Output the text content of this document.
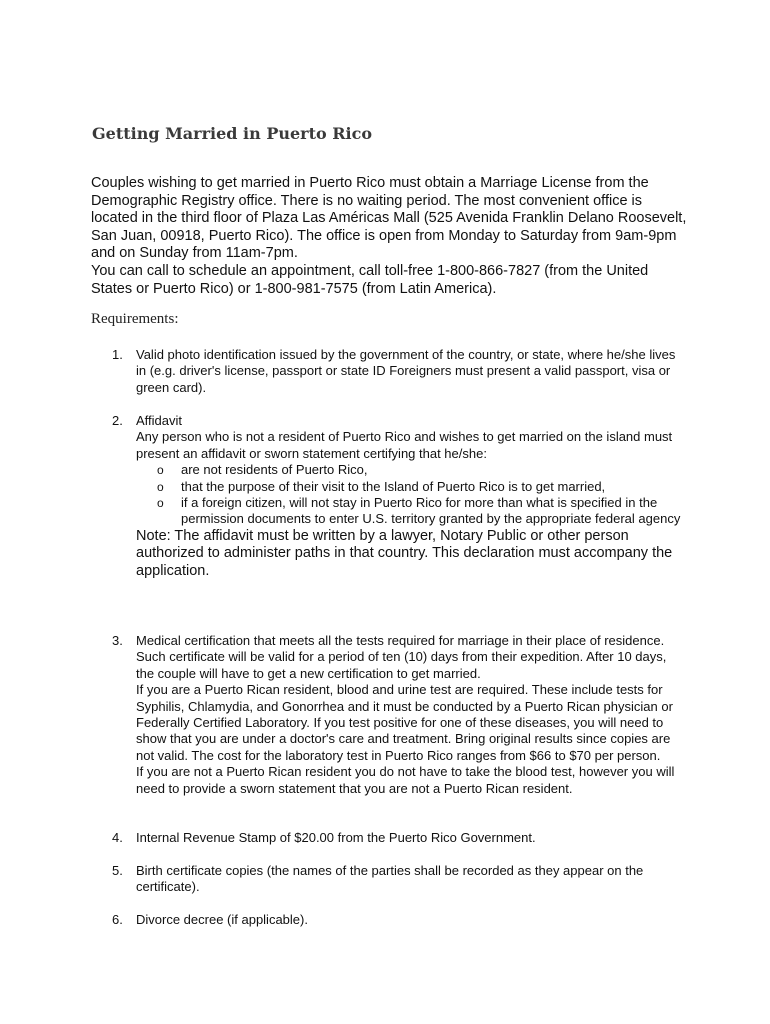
Getting Married in Puerto Rico

Couples wishing to get married in Puerto Rico must obtain a Marriage License from the Demographic Registry office. There is no waiting period. The most convenient office is located in the third floor of Plaza Las Américas Mall (525 Avenida Franklin Delano Roosevelt, San Juan, 00918, Puerto Rico). The office is open from Monday to Saturday from 9am-9pm and on Sunday from 11am-7pm.

You can call to schedule an appointment, call toll-free 1-800-866-7827 (from the United States or Puerto Rico) or 1-800-981-7575 (from Latin America).

Requirements:
1. Valid photo identification issued by the government of the country, or state, where he/she lives in (e.g. driver's license, passport or state ID Foreigners must present a valid passport, visa or green card).

2. Affidavit

Any person who is not a resident of Puerto Rico and wishes to get married on the island must present an affidavit or sworn statement certifying that he/she:

o are not residents of Puerto Rico,
o that the purpose of their visit to the Island of Puerto Rico is to get married,
o if a foreign citizen, will not stay in Puerto Rico for more than what is specified in the permission documents to enter U.S. territory granted by the appropriate federal agency

Note: The affidavit must be written by a lawyer, Notary Public or other person authorized to administer paths in that country. This declaration must accompany the application.

3. Medical certification that meets all the tests required for marriage in their place of residence. Such certificate will be valid for a period of ten (10) days from their expedition. After 10 days, the couple will have to get a new certification to get married.

If you are a Puerto Rican resident, blood and urine test are required. These include tests for Syphilis, Chlamydia, and Gonorrhea and it must be conducted by a Puerto Rican physician or Federally Certified Laboratory. If you test positive for one of these diseases, you will need to show that you are under a doctor's care and treatment. Bring original results since copies are not valid. The cost for the laboratory test in Puerto Rico ranges from $66 to $70 per person.

If you are not a Puerto Rican resident you do not have to take the blood test, however you will need to provide a sworn statement that you are not a Puerto Rican resident.

4. Internal Revenue Stamp of $20.00 from the Puerto Rico Government.

5. Birth certificate copies (the names of the parties shall be recorded as they appear on the certificate).

6. Divorce decree (if applicable).
